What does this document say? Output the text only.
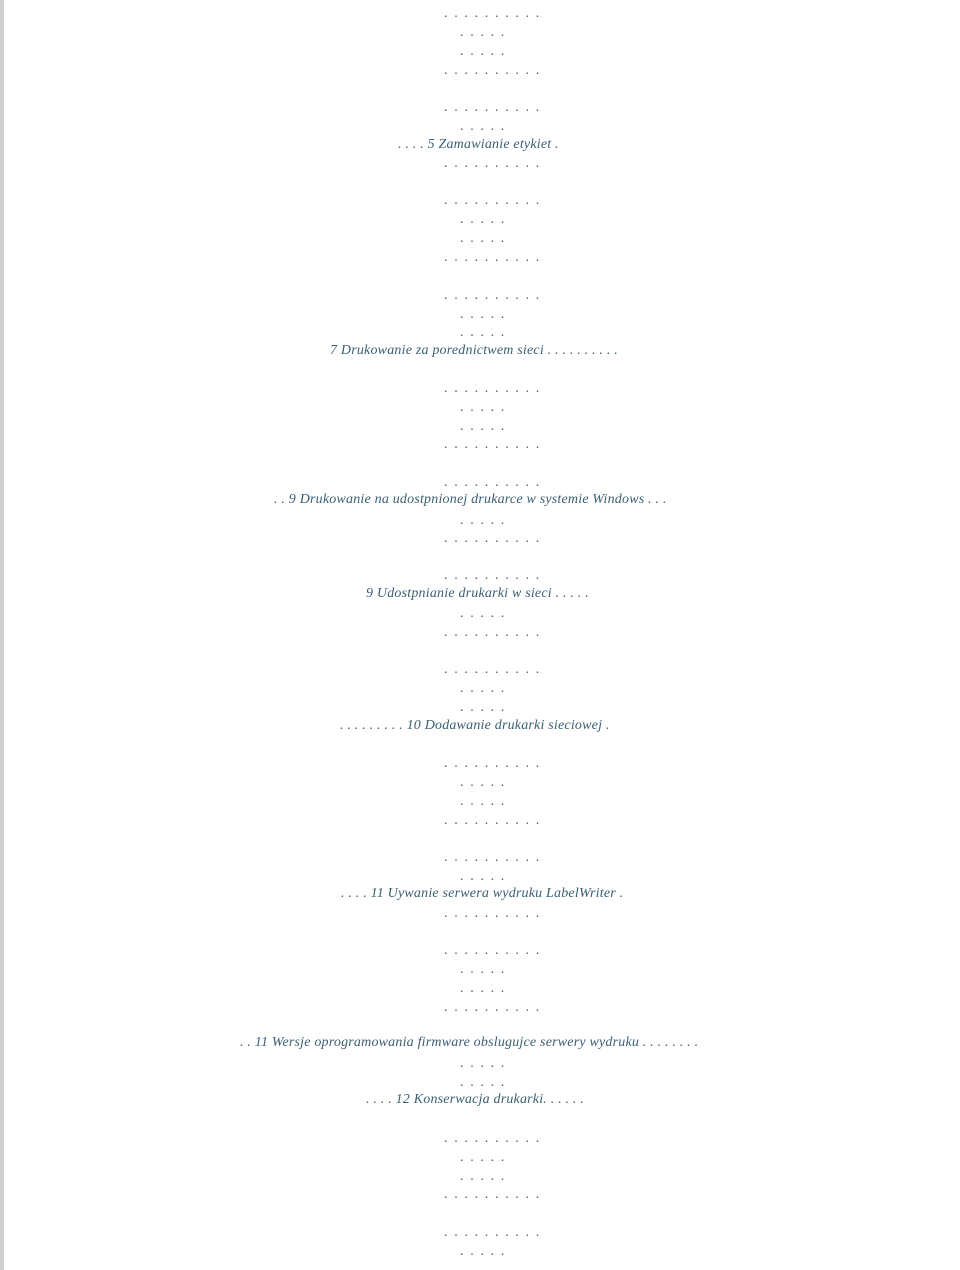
. . . . . . . . . .
. . . . .
. . . . .
. . . . . . . . . .
. . . . . . . . . .
. . . . .
. . . . 5 Zamawianie etykiet .
. . . . . . . . . .
. . . . . . . . . .
. . . . .
. . . . .
. . . . . . . . . .
. . . . . . . . . .
. . . . .
. . . . .
7 Drukowanie za porednictwem sieci . . . . . . . . . .
. . . . . . . . . .
. . . . .
. . . . .
. . . . . . . . . .
. . . . . . . . . .
. . 9 Drukowanie na udostpnionej drukarce w systemie Windows . . .
. . . . .
. . . . . . . . . .
. . . . . . . . . .
9 Udostpnianie drukarki w sieci . . . . .
. . . . .
. . . . . . . . . .
. . . . . . . . . .
. . . . .
. . . . .
. . . . . . . . . 10 Dodawanie drukarki sieciowej .
. . . . . . . . . .
. . . . .
. . . . .
. . . . . . . . . .
. . . . . . . . . .
. . . . .
. . . . 11 Uywanie serwera wydruku LabelWriter .
. . . . . . . . . .
. . . . . . . . . .
. . . . .
. . . . .
. . . . . . . . . .
. . 11 Wersje oprogramowania firmware obslugujce serwery wydruku . . . . . . . .
. . . . .
. . . . .
. . . . 12 Konserwacja drukarki. . . . . .
. . . . . . . . . .
. . . . .
. . . . .
. . . . . . . . . .
. . . . . . . . . .
. . . . .
